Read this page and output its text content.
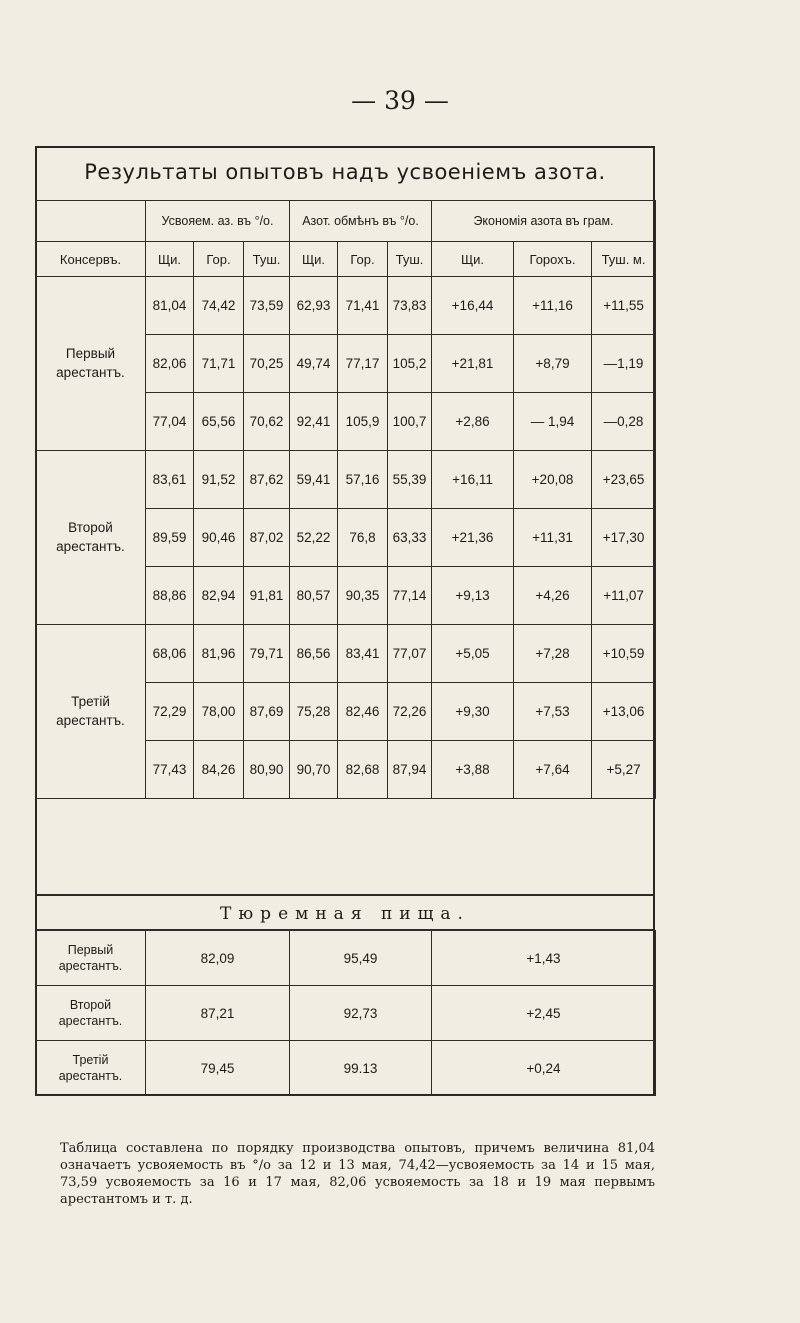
— 39 —
Результаты опытовъ надъ усвоеніемъ азота.
	Усвояем. аз. въ °/о.			Азот. обмѣнъ въ °/о.			Экономія азота въ грам.		
Консервъ.	Щи.	Гор.	Туш.	Щи.	Гор.	Туш.	Щи.	Горохъ.	Туш. м.
Первый
арестантъ.	81,04	74,42	73,59	62,93	71,41	73,83	+16,44	+11,16	+11,55
	82,06	71,71	70,25	49,74	77,17	105,2	+21,81	+8,79	—1,19
	77,04	65,56	70,62	92,41	105,9	100,7	+2,86	— 1,94	—0,28
Второй
арестантъ.	83,61	91,52	87,62	59,41	57,16	55,39	+16,11	+20,08	+23,65
	89,59	90,46	87,02	52,22	76,8	63,33	+21,36	+11,31	+17,30
	88,86	82,94	91,81	80,57	90,35	77,14	+9,13	+4,26	+11,07
Третій
арестантъ.	68,06	81,96	79,71	86,56	83,41	77,07	+5,05	+7,28	+10,59
	72,29	78,00	87,69	75,28	82,46	72,26	+9,30	+7,53	+13,06
	77,43	84,26	80,90	90,70	82,68	87,94	+3,88	+7,64	+5,27
Тюремная пища.
Первый
арестантъ.	82,09	95,49	+1,43
Второй
арестантъ.	87,21	92,73	+2,45
Третій
арестантъ.	79,45	99.13	+0,24
Таблица составлена по порядку производства опытовъ, причемъ величина 81,04 означаетъ усвояемость въ °/о за 12 и 13 мая, 74,42—усвояемость за 14 и 15 мая, 73,59 усвояемость за 16 и 17 мая, 82,06 усвояемость за 18 и 19 мая первымъ арестантомъ и т. д.
